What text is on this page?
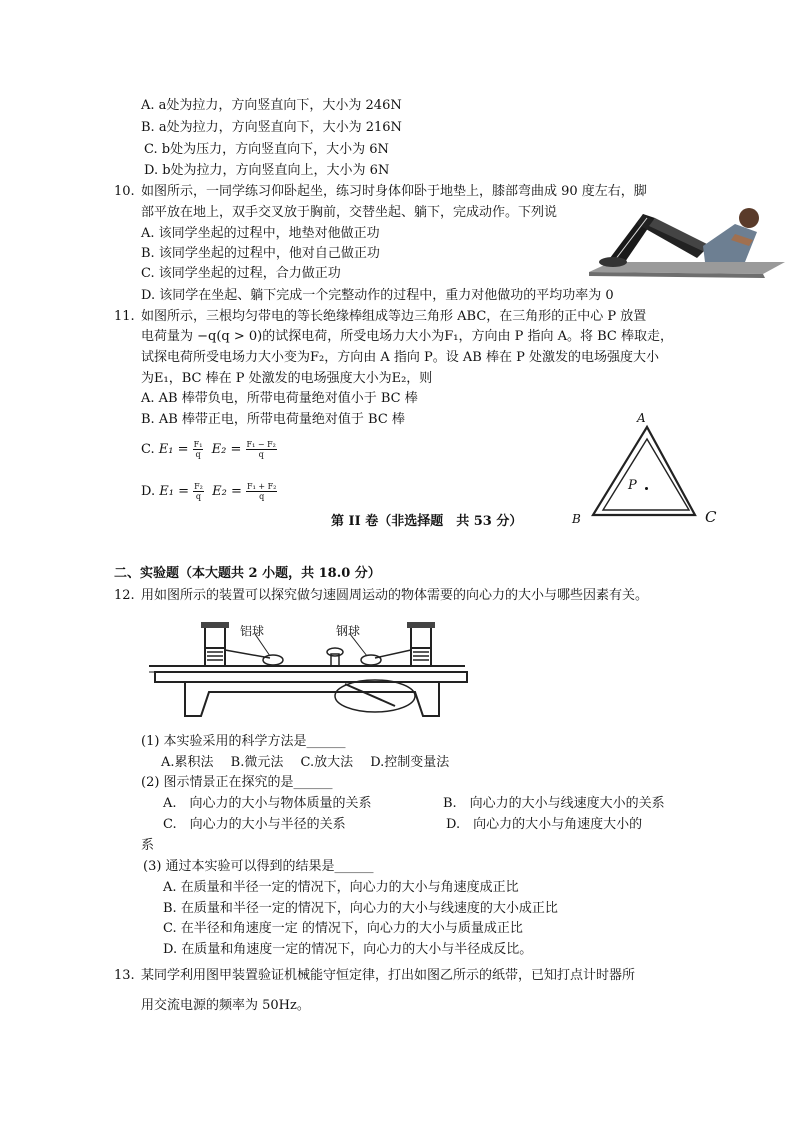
A. a处为拉力，方向竖直向下，大小为 246N
B. a处为拉力，方向竖直向下，大小为 216N
C. b处为压力，方向竖直向下，大小为 6N
D. b处为拉力，方向竖直向上，大小为 6N
10. 如图所示，一同学练习仰卧起坐，练习时身体仰卧于地垫上，膝部弯曲成 90 度左右，脚
部平放在地上，双手交叉放于胸前，交替坐起、躺下，完成动作。下列说
A. 该同学坐起的过程中，地垫对他做正功
B. 该同学坐起的过程中，他对自己做正功
C. 该同学坐起的过程，合力做正功
D. 该同学在坐起、躺下完成一个完整动作的过程中，重力对他做功的平均功率为 0
11. 如图所示，三根均匀带电的等长绝缘棒组成等边三角形 ABC，在三角形的正中心 P 放置
电荷量为 −q(q > 0)的试探电荷，所受电场力大小为F₁，方向由 P 指向 A。将 BC 棒取走，
试探电荷所受电场力大小变为F₂，方向由 A 指向 P。设 AB 棒在 P 处激发的电场强度大小
为E₁，BC 棒在 P 处激发的电场强度大小为E₂，则
A. AB 棒带负电，所带电荷量绝对值小于 BC 棒
B. AB 棒带正电，所带电荷量绝对值于 BC 棒
C. $E_1 = \frac{\text{F₁}}{q} E_2 = \frac{\text{F₁ − F₂}}{q}$
D. $E_1 = \frac{\text{F₂}}{q} E_2 = \frac{\text{F₁ + F₂}}{q}$
A
B	C
P
第 II 卷（非选择题　共 53 分）
二、实验题（本大题共 2 小题，共 18.0 分）
12. 用如图所示的装置可以探究做匀速圆周运动的物体需要的向心力的大小与哪些因素有关。
铝球	钢球
(1) 本实验采用的科学方法是______
A.累积法　 B.微元法　 C.放大法　 D.控制变量法
(2) 图示情景正在探究的是______
A.　向心力的大小与物体质量的关系	B.　向心力的大小与线速度大小的关系
C.　向心力的大小与半径的关系	D.　向心力的大小与角速度大小的
系
(3) 通过本实验可以得到的结果是______
A. 在质量和半径一定的情况下，向心力的大小与角速度成正比
B. 在质量和半径一定的情况下，向心力的大小与线速度的大小成正比
C. 在半径和角速度一定 的情况下，向心力的大小与质量成正比
D. 在质量和角速度一定的情况下，向心力的大小与半径成反比。
13. 某同学利用图甲装置验证机械能守恒定律，打出如图乙所示的纸带，已知打点计时器所
用交流电源的频率为 50Hz。
